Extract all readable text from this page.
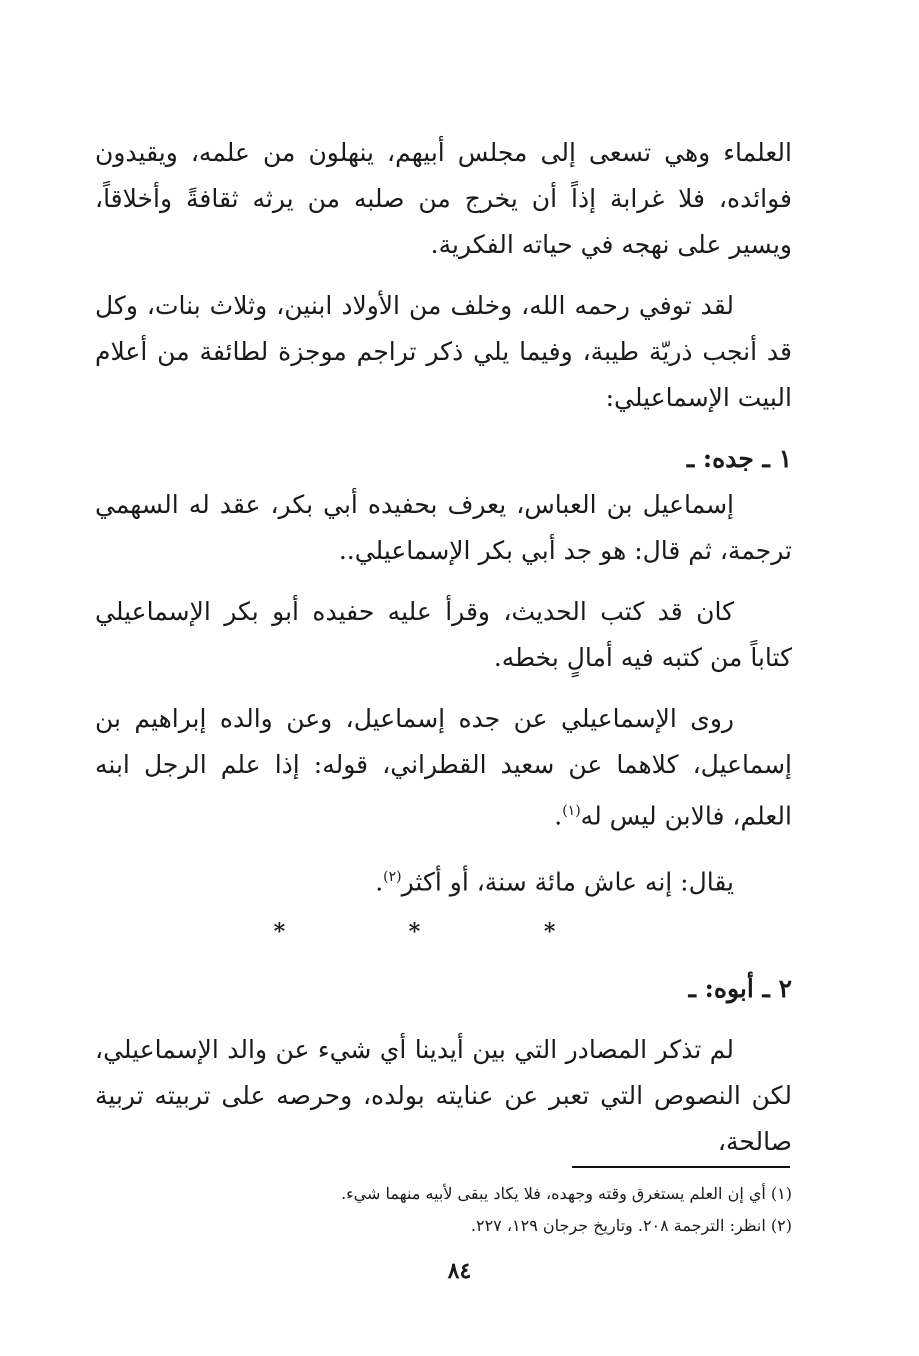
العلماء وهي تسعى إلى مجلس أبيهم، ينهلون من علمه، ويقيدون فوائده، فلا غرابة إذاً أن يخرج من صلبه من يرثه ثقافةً وأخلاقاً، ويسير على نهجه في حياته الفكرية.

لقد توفي رحمه الله، وخلف من الأولاد ابنين، وثلاث بنات، وكل قد أنجب ذريّة طيبة، وفيما يلي ذكر تراجم موجزة لطائفة من أعلام البيت الإسماعيلي:

١ ـ جده: ـ

إسماعيل بن العباس، يعرف بحفيده أبي بكر، عقد له السهمي ترجمة، ثم قال: هو جد أبي بكر الإسماعيلي..

كان قد كتب الحديث، وقرأ عليه حفيده أبو بكر الإسماعيلي كتاباً من كتبه فيه أمالٍ بخطه.

روى الإسماعيلي عن جده إسماعيل، وعن والده إبراهيم بن إسماعيل، كلاهما عن سعيد القطراني، قوله: إذا علم الرجل ابنه العلم، فالابن ليس له$^{(١)}$.

يقال: إنه عاش مائة سنة، أو أكثر$^{(٢)}$.

* * *

٢ ـ أبوه: ـ

لم تذكر المصادر التي بين أيدينا أي شيء عن والد الإسماعيلي، لكن النصوص التي تعبر عن عنايته بولده، وحرصه على تربيته تربية صالحة،

(١) أي إن العلم يستغرق وقته وجهده، فلا يكاد يبقى لأبيه منهما شيء.

(٢) انظر: الترجمة ٢٠٨. وتاريخ جرجان ١٢٩، ٢٢٧.

٨٤
